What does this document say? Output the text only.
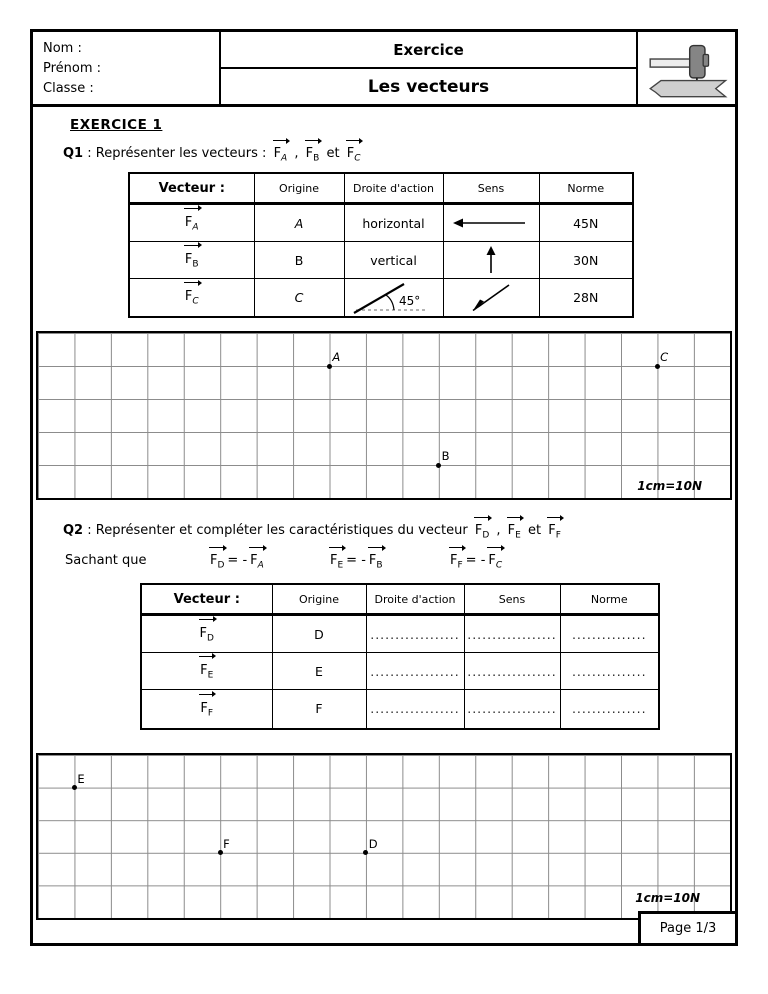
Nom :
Prénom :
Classe :
Exercice
Les vecteurs
EXERCICE 1
Q1 : Représenter les vecteurs : $F_A$ , $F_B$ et $F_C$
Vecteur :	Origine	Droite d'action	Sens	Norme

$F_A$	A	horizontal		45N

$F_B$	B	vertical		30N

$F_C$	C	45°		28N
1cm=10N
A
B
C
Q2 : Représenter et compléter les caractéristiques du vecteur $F_D$ , $F_E$ et $F_F$
Sachant que	$F_D$ = - $F_A$	$F_E$ = - $F_B$	$F_F$ = - $F_C$
Vecteur :	Origine	Droite d'action	Sens	Norme

$F_D$	D	..................	..................	...............

$F_E$	E	..................	..................	...............

$F_F$	F	..................	..................	...............
1cm=10N
E
F	D
Page 1/3
